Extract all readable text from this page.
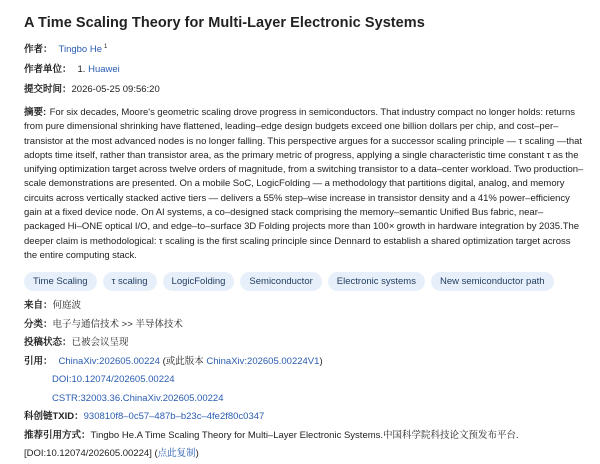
A Time Scaling Theory for Multi-Layer Electronic Systems
作者： Tingbo He $^1$
作者单位： 1. Huawei
提交时间：2026-05-25 09:56:20
摘要: For six decades, Moore's geometric scaling drove progress in semiconductors. That industry compact no longer holds: returns from pure dimensional shrinking have flattened, leading–edge design budgets exceed one billion dollars per chip, and cost–per–transistor at the most advanced nodes is no longer falling. This perspective argues for a successor scaling principle — τ scaling —that adopts time itself, rather than transistor area, as the primary metric of progress, applying a single characteristic time constant τ as the unifying optimization target across twelve orders of magnitude, from a switching transistor to a data–center workload. Two production–scale demonstrations are presented. On a mobile SoC, LogicFolding — a methodology that partitions digital, analog, and memory circuits across vertically stacked active tiers — delivers a 55% step–wise increase in transistor density and a 41% power–efficiency gain at a fixed device node. On AI systems, a co–designed stack comprising the memory–semantic Unified Bus fabric, near–packaged Hi–ONE optical I/O, and edge–to–surface 3D Folding projects more than 100× growth in hardware integration by 2035.The deeper claim is methodological: τ scaling is the first scaling principle since Dennard to establish a shared optimization target across the entire computing stack.
Time Scaling	τ scaling	LogicFolding	Semiconductor	Electronic systems	New semiconductor path
来自：何庭波
分类：电子与通信技术 >> 半导体技术
投稿状态：已被会议呈现
引用： ChinaXiv:202605.00224 (或此版本 ChinaXiv:202605.00224V1)
DOI:10.12074/202605.00224
CSTR:32003.36.ChinaXiv.202605.00224
科创链TXID：930810f8–0c57–487b–b23c–4fe2f80c0347
推荐引用方式：Tingbo He.A Time Scaling Theory for Multi–Layer Electronic Systems.中国科学院科技论文预发布平台.
[DOI:10.12074/202605.00224] (点此复制)
